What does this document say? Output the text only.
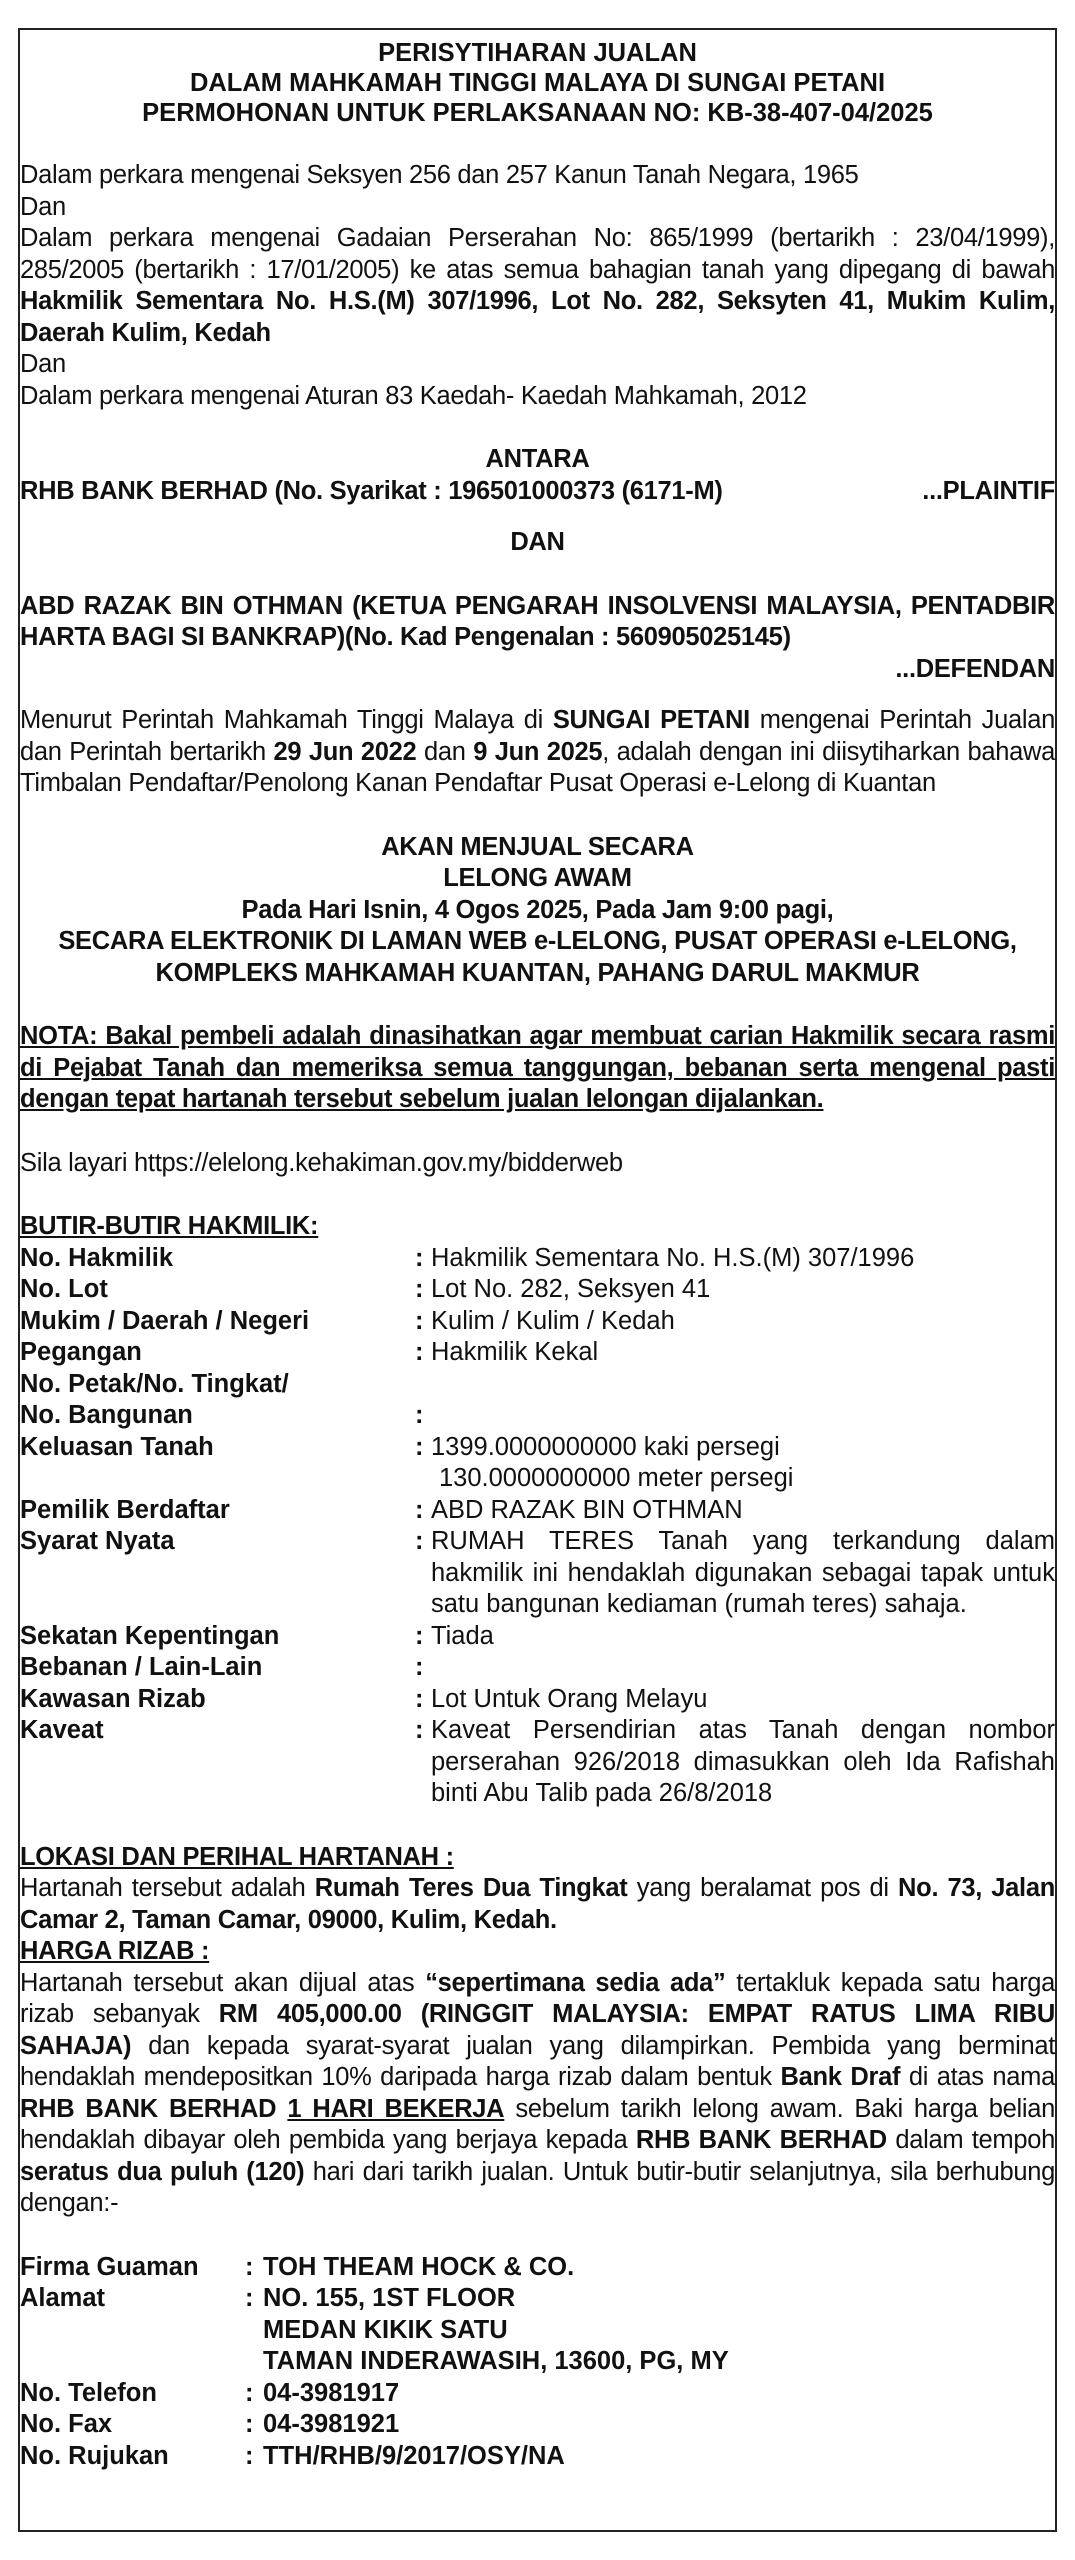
PERISYTIHARAN JUALAN
DALAM MAHKAMAH TINGGI MALAYA DI SUNGAI PETANI
PERMOHONAN UNTUK PERLAKSANAAN NO: KB-38-407-04/2025

Dalam perkara mengenai Seksyen 256 dan 257 Kanun Tanah Negara, 1965

Dan

Dalam perkara mengenai Gadaian Perserahan No: 865/1999 (bertarikh : 23/04/1999), 285/2005 (bertarikh : 17/01/2005) ke atas semua bahagian tanah yang dipegang di bawah Hakmilik Sementara No. H.S.(M) 307/1996, Lot No. 282, Seksyten 41, Mukim Kulim, Daerah Kulim, Kedah

Dan

Dalam perkara mengenai Aturan 83 Kaedah- Kaedah Mahkamah, 2012

ANTARA

RHB BANK BERHAD (No. Syarikat : 196501000373 (6171-M)	...PLAINTIF

DAN

ABD RAZAK BIN OTHMAN (KETUA PENGARAH INSOLVENSI MALAYSIA, PENTADBIR HARTA BAGI SI BANKRAP)(No. Kad Pengenalan : 560905025145)

...DEFENDAN

Menurut Perintah Mahkamah Tinggi Malaya di SUNGAI PETANI mengenai Perintah Jualan dan Perintah bertarikh 29 Jun 2022 dan 9 Jun 2025, adalah dengan ini diisytiharkan bahawa Timbalan Pendaftar/Penolong Kanan Pendaftar Pusat Operasi e-Lelong di Kuantan

AKAN MENJUAL SECARA

LELONG AWAM

Pada Hari Isnin, 4 Ogos 2025, Pada Jam 9:00 pagi,

SECARA ELEKTRONIK DI LAMAN WEB e-LELONG, PUSAT OPERASI e-LELONG,

KOMPLEKS MAHKAMAH KUANTAN, PAHANG DARUL MAKMUR

NOTA: Bakal pembeli adalah dinasihatkan agar membuat carian Hakmilik secara rasmi di Pejabat Tanah dan memeriksa semua tanggungan, bebanan serta mengenal pasti dengan tepat hartanah tersebut sebelum jualan lelongan dijalankan.

Sila layari https://elelong.kehakiman.gov.my/bidderweb

BUTIR-BUTIR HAKMILIK:

No. Hakmilik	:	Hakmilik Sementara No. H.S.(M) 307/1996

No. Lot	:	Lot No. 282, Seksyen 41

Mukim / Daerah / Negeri	:	Kulim / Kulim / Kedah

Pegangan	:	Hakmilik Kekal

No. Petak/No. Tingkat/		

No. Bangunan	:	

Keluasan Tanah	:	1399.0000000000 kaki persegi
130.0000000000 meter persegi

Pemilik Berdaftar	:	ABD RAZAK BIN OTHMAN

Syarat Nyata	:	RUMAH TERES Tanah yang terkandung dalam hakmilik ini hendaklah digunakan sebagai tapak untuk satu bangunan kediaman (rumah teres) sahaja.

Sekatan Kepentingan	:	Tiada

Bebanan / Lain-Lain	:	

Kawasan Rizab	:	Lot Untuk Orang Melayu

Kaveat	:	Kaveat Persendirian atas Tanah dengan nombor perserahan 926/2018 dimasukkan oleh Ida Rafishah binti Abu Talib pada 26/8/2018

LOKASI DAN PERIHAL HARTANAH :

Hartanah tersebut adalah Rumah Teres Dua Tingkat yang beralamat pos di No. 73, Jalan Camar 2, Taman Camar, 09000, Kulim, Kedah.

HARGA RIZAB :

Hartanah tersebut akan dijual atas “sepertimana sedia ada” tertakluk kepada satu harga rizab sebanyak RM 405,000.00 (RINGGIT MALAYSIA: EMPAT RATUS LIMA RIBU SAHAJA) dan kepada syarat-syarat jualan yang dilampirkan. Pembida yang berminat hendaklah mendepositkan 10% daripada harga rizab dalam bentuk Bank Draf di atas nama RHB BANK BERHAD 1 HARI BEKERJA sebelum tarikh lelong awam. Baki harga belian hendaklah dibayar oleh pembida yang berjaya kepada RHB BANK BERHAD dalam tempoh seratus dua puluh (120) hari dari tarikh jualan. Untuk butir-butir selanjutnya, sila berhubung dengan:-

Firma Guaman	:	TOH THEAM HOCK & CO.
Alamat	:	NO. 155, 1ST FLOOR
MEDAN KIKIK SATU
TAMAN INDERAWASIH, 13600, PG, MY

No. Telefon	:	04-3981917
No. Fax	:	04-3981921
No. Rujukan	:	TTH/RHB/9/2017/OSY/NA
